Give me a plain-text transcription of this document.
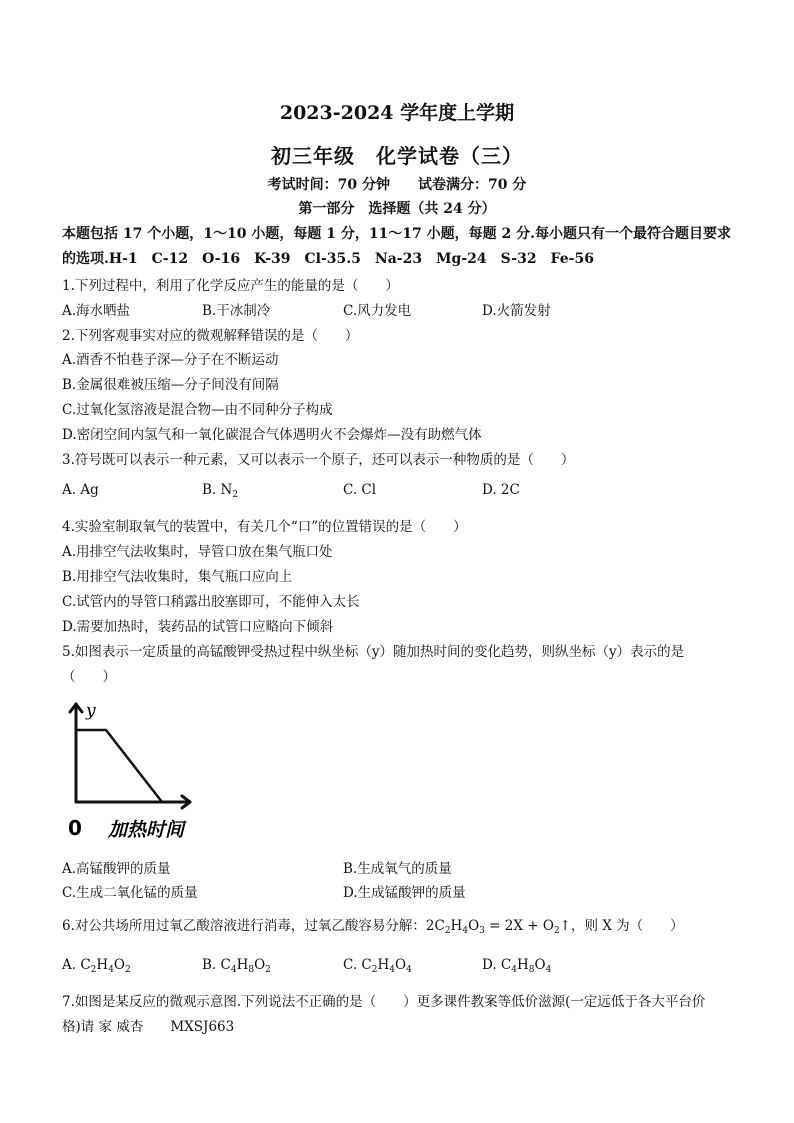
2023-2024 学年度上学期
初三年级　化学试卷（三）
考试时间：70 分钟　　试卷满分：70 分
第一部分　选择题（共 24 分）
本题包括 17 个小题，1～10 小题，每题 1 分，11～17 小题，每题 2 分.每小题只有一个最符合题目要求的选项.H-1　C-12　O-16　K-39　Cl-35.5　Na-23　Mg-24　S-32　Fe-56
1.下列过程中，利用了化学反应产生的能量的是（　　）
A.海水晒盐	B.干冰制冷	C.风力发电	D.火箭发射
2.下列客观事实对应的微观解释错误的是（　　）
A.酒香不怕巷子深—分子在不断运动
B.金属很难被压缩—分子间没有间隔
C.过氧化氢溶液是混合物—由不同种分子构成
D.密闭空间内氢气和一氧化碳混合气体遇明火不会爆炸—没有助燃气体
3.符号既可以表示一种元素，又可以表示一个原子，还可以表示一种物质的是（　　）
A. Ag	B. $N_2$	C. Cl	D. 2C
4.实验室制取氧气的装置中，有关几个“口”的位置错误的是（　　）
A.用排空气法收集时，导管口放在集气瓶口处
B.用排空气法收集时，集气瓶口应向上
C.试管内的导管口稍露出胶塞即可，不能伸入太长
D.需要加热时，装药品的试管口应略向下倾斜
5.如图表示一定质量的高锰酸钾受热过程中纵坐标（y）随加热时间的变化趋势，则纵坐标（y）表示的是
（　　）
y
0 加热时间
A.高锰酸钾的质量	B.生成氧气的质量
C.生成二氧化锰的质量	D.生成锰酸钾的质量
6.对公共场所用过氧乙酸溶液进行消毒，过氧乙酸容易分解：$2C_2H_4O_3 = 2X$ + $O_2↑$，则 X 为（　　）
A. $C_2H_4O_2$	B. $C_4H_8O_2$	C. $C_2H_4O_4$	D. $C_4H_8O_4$
7.如图是某反应的微观示意图.下列说法不正确的是（　　）更多课件教案等低价滋源(一定远低于各大平台价
格)请 家 威杏　　MXSJ663
